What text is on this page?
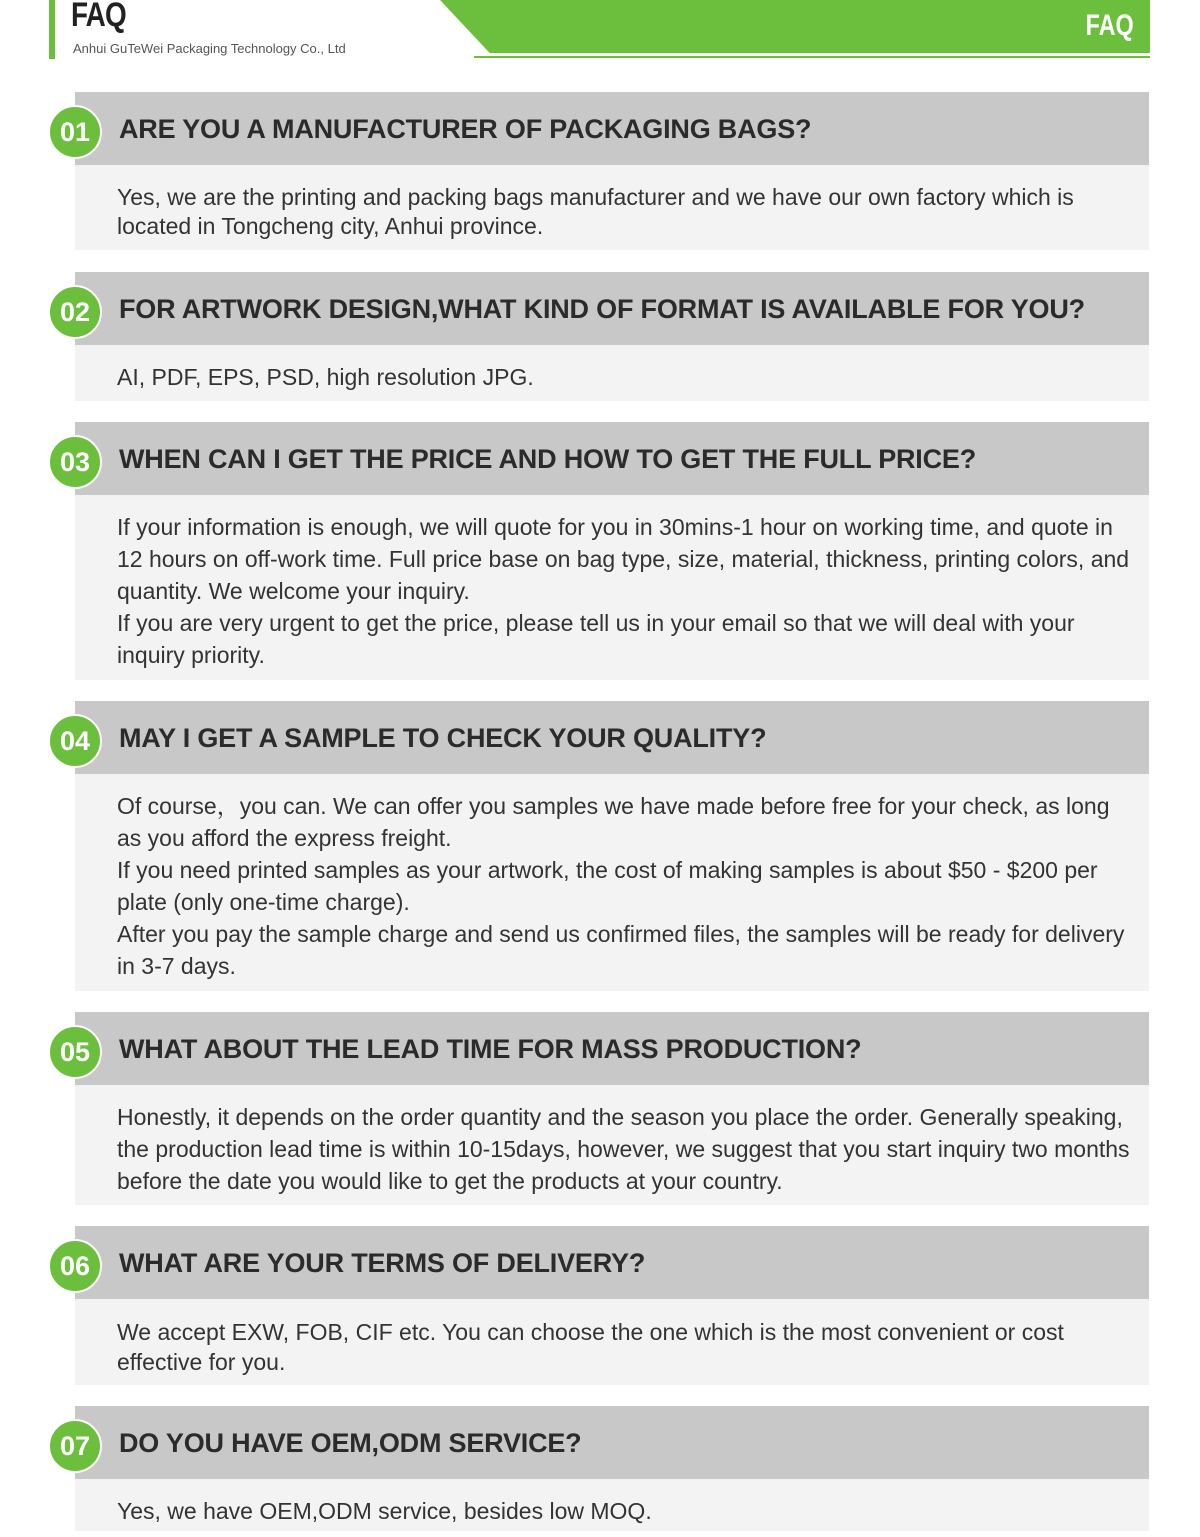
FAQ
Anhui GuTeWei Packaging Technology Co., Ltd
FAQ

Yes, we are the printing and packing bags manufacturer and we have our own factory which is located in Tongcheng city, Anhui province.

01	ARE YOU A MANUFACTURER OF PACKAGING BAGS?

AI, PDF, EPS, PSD, high resolution JPG.

02	FOR ARTWORK DESIGN,WHAT KIND OF FORMAT IS AVAILABLE FOR YOU?

If your information is enough, we will quote for you in 30mins-1 hour on working time, and quote in 12 hours on off-work time. Full price base on bag type, size, material, thickness, printing colors, and quantity. We welcome your inquiry.

If you are very urgent to get the price, please tell us in your email so that we will deal with your inquiry priority.

03	WHEN CAN I GET THE PRICE AND HOW TO GET THE FULL PRICE?

Of course，you can. We can offer you samples we have made before free for your check, as long as you afford the express freight.

If you need printed samples as your artwork, the cost of making samples is about $50 - $200 per plate (only one-time charge).

After you pay the sample charge and send us confirmed files, the samples will be ready for delivery in 3-7 days.

04	MAY I GET A SAMPLE TO CHECK YOUR QUALITY?

Honestly, it depends on the order quantity and the season you place the order. Generally speaking, the production lead time is within 10-15days, however, we suggest that you start inquiry two months before the date you would like to get the products at your country.

05	WHAT ABOUT THE LEAD TIME FOR MASS PRODUCTION?

We accept EXW, FOB, CIF etc. You can choose the one which is the most convenient or cost effective for you.

06	WHAT ARE YOUR TERMS OF DELIVERY?

Yes, we have OEM,ODM service, besides low MOQ.

07	DO YOU HAVE OEM,ODM SERVICE?
